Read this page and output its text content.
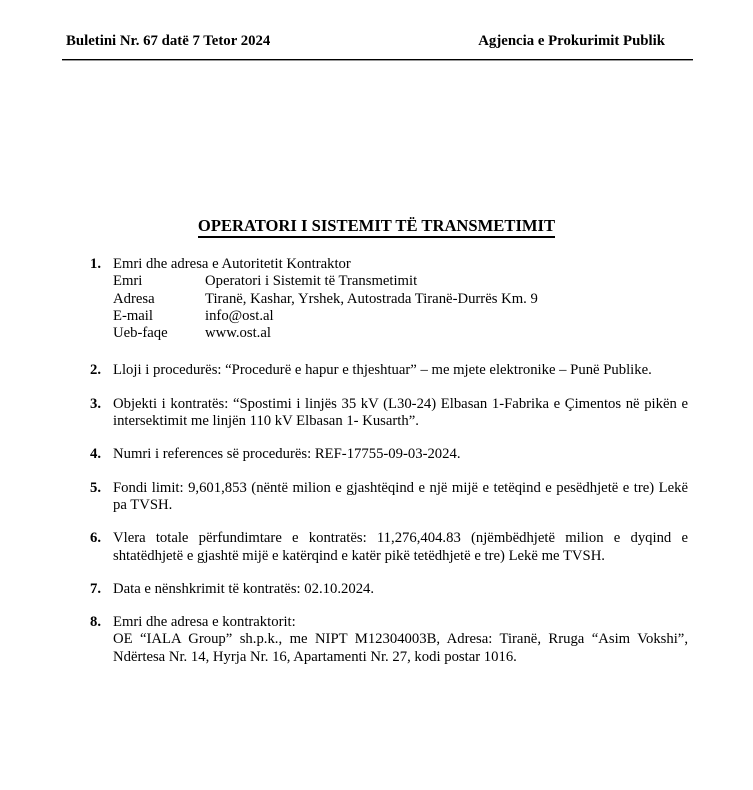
Buletini Nr. 67 datë 7 Tetor 2024	Agjencia e Prokurimit Publik
OPERATORI I SISTEMIT TË TRANSMETIMIT
1. Emri dhe adresa e Autoritetit Kontraktor
Emri	Operatori i Sistemit të Transmetimit
Adresa	Tiranë, Kashar, Yrshek, Autostrada Tiranë-Durrës Km. 9
E-mail	info@ost.al
Ueb-faqe	www.ost.al
2. Lloji i procedurës: “Procedurë e hapur e thjeshtuar” – me mjete elektronike – Punë Publike.
3. Objekti i kontratës: “Spostimi i linjës 35 kV (L30-24) Elbasan 1-Fabrika e Çimentos në pikën e intersektimit me linjën 110 kV Elbasan 1- Kusarth”.
4. Numri i references së procedurës: REF-17755-09-03-2024.
5. Fondi limit: 9,601,853 (nëntë milion e gjashtëqind e një mijë e tetëqind e pesëdhjetë e tre) Lekë pa TVSH.
6. Vlera totale përfundimtare e kontratës: 11,276,404.83 (njëmbëdhjetë milion e dyqind e shtatëdhjetë e gjashtë mijë e katërqind e katër pikë tetëdhjetë e tre) Lekë me TVSH.
7. Data e nënshkrimit të kontratës: 02.10.2024.
8. Emri dhe adresa e kontraktorit:
OE “IALA Group” sh.p.k., me NIPT M12304003B, Adresa: Tiranë, Rruga “Asim Vokshi”, Ndërtesa Nr. 14, Hyrja Nr. 16, Apartamenti Nr. 27, kodi postar 1016.
